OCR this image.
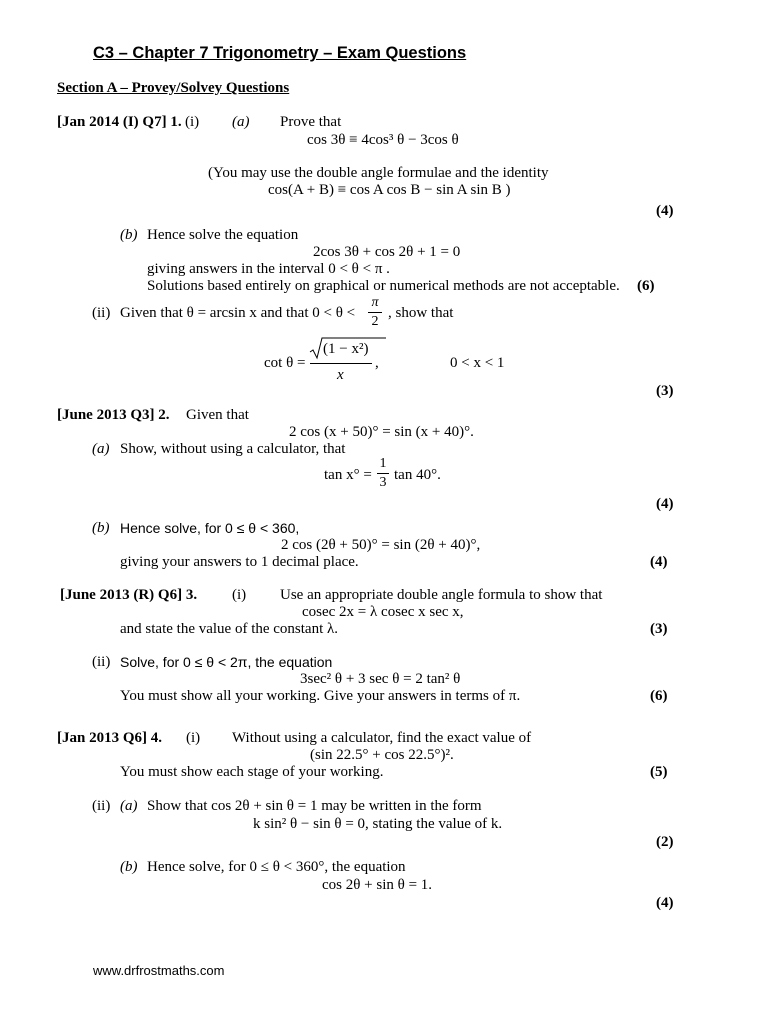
C3 – Chapter 7 Trigonometry – Exam Questions
Section A – Provey/Solvey Questions
[Jan 2014 (I) Q7] 1. (i) (a) Prove that
cos 3θ ≡ 4cos³ θ − 3cos θ
(You may use the double angle formulae and the identity
cos(A + B) ≡ cos A cos B − sin A sin B )
(4)
(b) Hence solve the equation
2cos 3θ + cos 2θ + 1 = 0
giving answers in the interval 0 < θ < π .
Solutions based entirely on graphical or numerical methods are not acceptable. (6)
(ii) Given that θ = arcsin x and that 0 < θ <
π
2
, show that
cot θ =
(1 − x²)
x
,	0 < x < 1
(3)
[June 2013 Q3] 2. Given that
2 cos (x + 50)° = sin (x + 40)°.
(a) Show, without using a calculator, that
tan x° =
1
3 tan 40°.
(4)
(b) Hence solve, for 0 ≤ θ < 360,
2 cos (2θ + 50)° = sin (2θ + 40)°,
giving your answers to 1 decimal place.	(4)
[June 2013 (R) Q6] 3. (i) Use an appropriate double angle formula to show that
cosec 2x = λ cosec x sec x,
and state the value of the constant λ.	(3)
(ii) Solve, for 0 ≤ θ < 2π, the equation
3sec² θ + 3 sec θ = 2 tan² θ
You must show all your working. Give your answers in terms of π.	(6)
[Jan 2013 Q6] 4. (i) Without using a calculator, find the exact value of
(sin 22.5° + cos 22.5°)².
You must show each stage of your working.	(5)
(ii) (a) Show that cos 2θ + sin θ = 1 may be written in the form
k sin² θ − sin θ = 0, stating the value of k.
(2)
(b) Hence solve, for 0 ≤ θ < 360°, the equation
cos 2θ + sin θ = 1.
(4)
www.drfrostmaths.com
